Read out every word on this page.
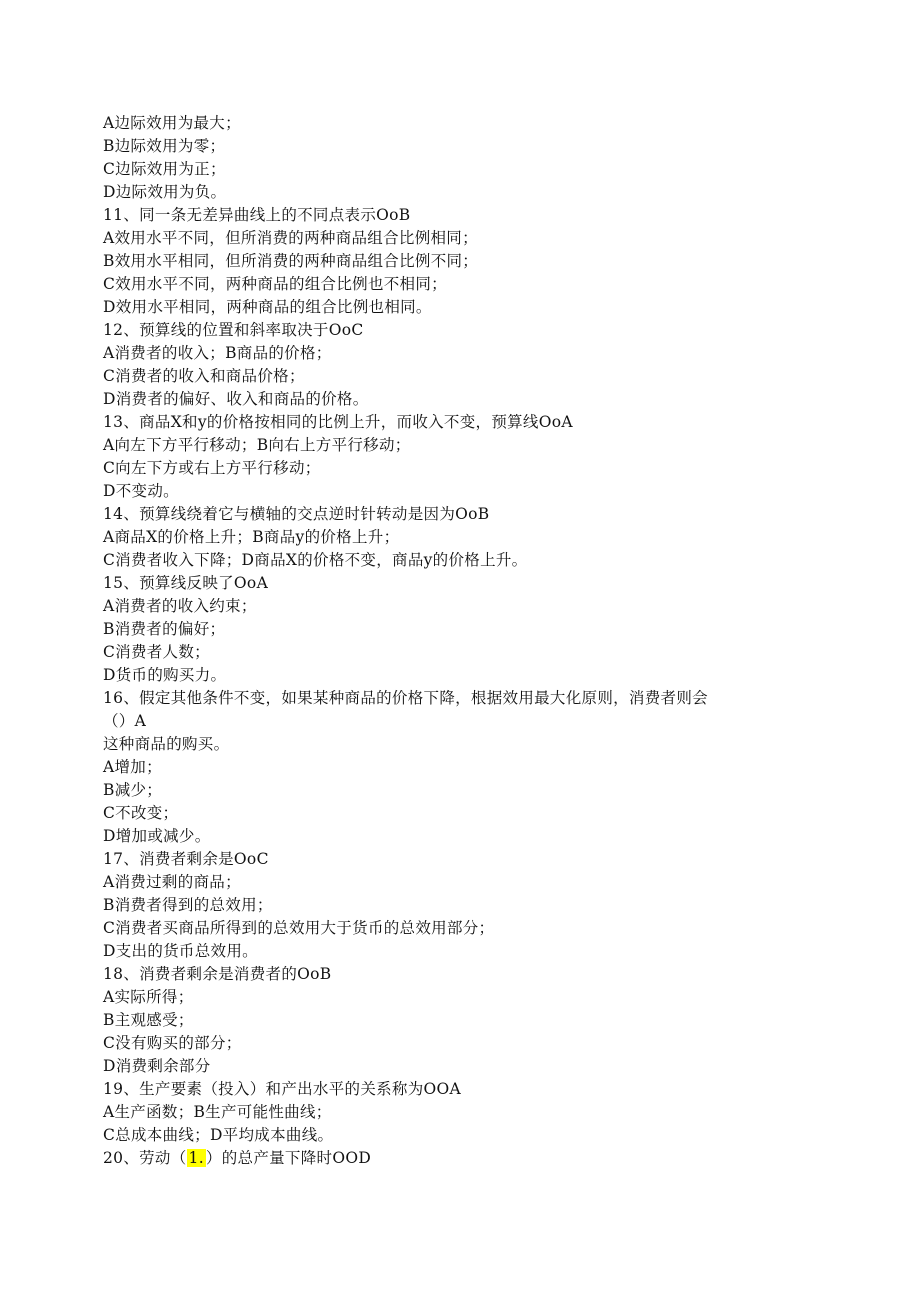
A边际效用为最大；
B边际效用为零；
C边际效用为正；
D边际效用为负。
11、同一条无差异曲线上的不同点表示OoB
A效用水平不同，但所消费的两种商品组合比例相同；
B效用水平相同，但所消费的两种商品组合比例不同；
C效用水平不同，两种商品的组合比例也不相同；
D效用水平相同，两种商品的组合比例也相同。
12、预算线的位置和斜率取决于OoC
A消费者的收入；B商品的价格；
C消费者的收入和商品价格；
D消费者的偏好、收入和商品的价格。
13、商品X和y的价格按相同的比例上升，而收入不变，预算线OoA
A向左下方平行移动；B向右上方平行移动；
C向左下方或右上方平行移动；
D不变动。
14、预算线绕着它与横轴的交点逆时针转动是因为OoB
A商品X的价格上升；B商品y的价格上升；
C消费者收入下降；D商品X的价格不变，商品y的价格上升。
15、预算线反映了OoA
A消费者的收入约束；
B消费者的偏好；
C消费者人数；
D货币的购买力。
16、假定其他条件不变，如果某种商品的价格下降，根据效用最大化原则，消费者则会
（）A
这种商品的购买。
A增加；
B减少；
C不改变；
D增加或减少。
17、消费者剩余是OoC
A消费过剩的商品；
B消费者得到的总效用；
C消费者买商品所得到的总效用大于货币的总效用部分；
D支出的货币总效用。
18、消费者剩余是消费者的OoB
A实际所得；
B主观感受；
C没有购买的部分；
D消费剩余部分
19、生产要素（投入）和产出水平的关系称为OOA
A生产函数；B生产可能性曲线；
C总成本曲线；D平均成本曲线。
20、劳动（ 1. ）的总产量下降时OOD
